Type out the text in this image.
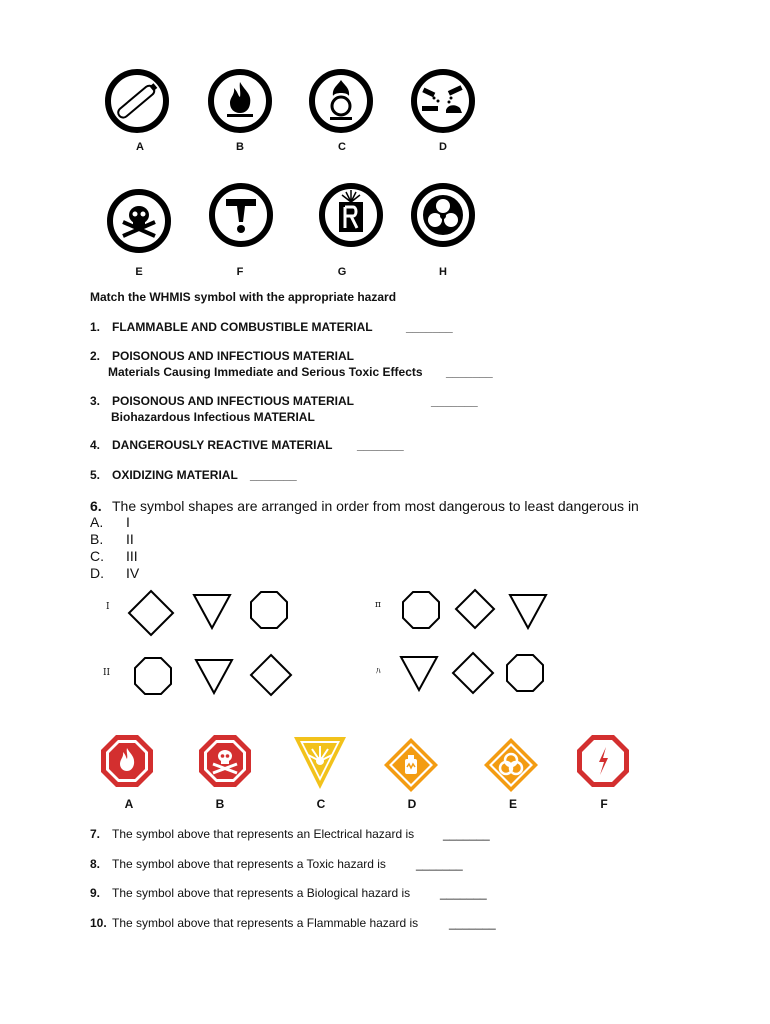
A	B	C	D
E	F	G	H
Match the WHMIS symbol with the appropriate hazard
1. FLAMMABLE AND COMBUSTIBLE MATERIAL	_______
2. POISONOUS AND INFECTIOUS MATERIAL
Materials Causing Immediate and Serious Toxic Effects _______
3. POISONOUS AND INFECTIOUS MATERIAL	_______
Biohazardous Infectious MATERIAL
4. DANGEROUSLY REACTIVE MATERIAL _______
5. OXIDIZING MATERIAL _______
6. The symbol shapes are arranged in order from most dangerous to least dangerous in
A. I
B. II
C. III
D. IV
I	π
II	ﾊ
A	B	C	D	E	F
7. The symbol above that represents an Electrical hazard is _______
8. The symbol above that represents a Toxic hazard is	_______
9. The symbol above that represents a Biological hazard is _______
10. The symbol above that represents a Flammable hazard is	_______
